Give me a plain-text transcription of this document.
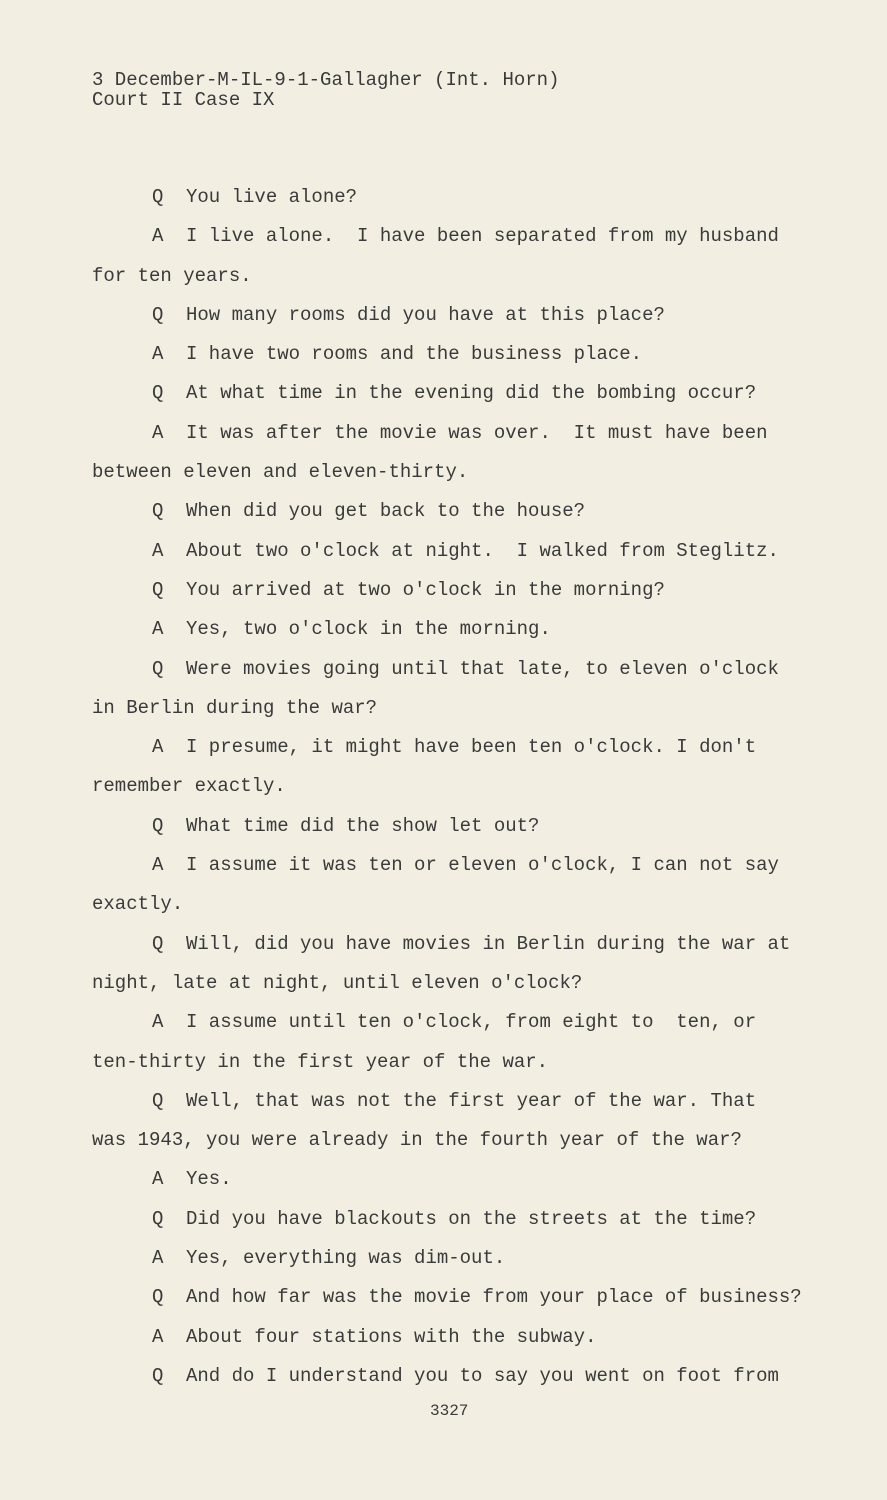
3 December-M-IL-9-1-Gallagher (Int. Horn)
Court II Case IX
Q You live alone?
A I live alone.  I have been separated from my husband
for ten years.
Q How many rooms did you have at this place?
A I have two rooms and the business place.
Q At what time in the evening did the bombing occur?
A It was after the movie was over.  It must have been
between eleven and eleven-thirty.
Q When did you get back to the house?
A About two o'clock at night.  I walked from Steglitz.
Q You arrived at two o'clock in the morning?
A Yes, two o'clock in the morning.
Q Were movies going until that late, to eleven o'clock
in Berlin during the war?
A I presume, it might have been ten o'clock. I don't
remember exactly.
Q What time did the show let out?
A I assume it was ten or eleven o'clock, I can not say
exactly.
Q Will, did you have movies in Berlin during the war at
night, late at night, until eleven o'clock?
A I assume until ten o'clock, from eight to  ten, or
ten-thirty in the first year of the war.
Q Well, that was not the first year of the war. That
was 1943, you were already in the fourth year of the war?
A Yes.
Q Did you have blackouts on the streets at the time?
A Yes, everything was dim-out.
Q And how far was the movie from your place of business?
A About four stations with the subway.
Q And do I understand you to say you went on foot from
3327
